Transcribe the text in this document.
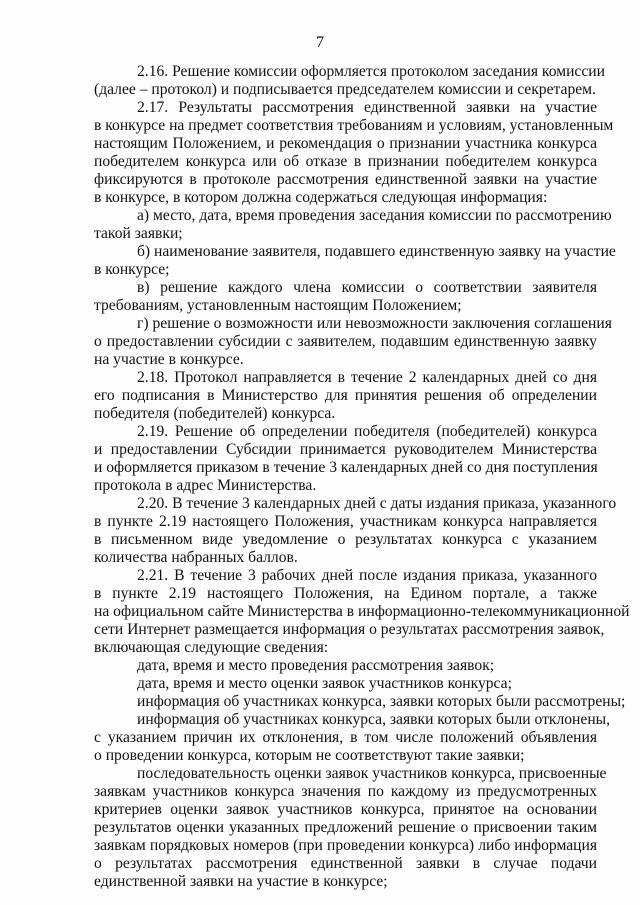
7
2.16. Решение комиссии оформляется протоколом заседания комиссии
(далее – протокол) и подписывается председателем комиссии и секретарем.
2.17. Результаты рассмотрения единственной заявки на участие
в конкурсе на предмет соответствия требованиям и условиям, установленным
настоящим Положением, и рекомендация о признании участника конкурса
победителем конкурса или об отказе в признании победителем конкурса
фиксируются в протоколе рассмотрения единственной заявки на участие
в конкурсе, в котором должна содержаться следующая информация:
а) место, дата, время проведения заседания комиссии по рассмотрению
такой заявки;
б) наименование заявителя, подавшего единственную заявку на участие
в конкурсе;
в) решение каждого члена комиссии о соответствии заявителя
требованиям, установленным настоящим Положением;
г) решение о возможности или невозможности заключения соглашения
о предоставлении субсидии с заявителем, подавшим единственную заявку
на участие в конкурсе.
2.18. Протокол направляется в течение 2 календарных дней со дня
его подписания в Министерство для принятия решения об определении
победителя (победителей) конкурса.
2.19. Решение об определении победителя (победителей) конкурса
и предоставлении Субсидии принимается руководителем Министерства
и оформляется приказом в течение 3 календарных дней со дня поступления
протокола в адрес Министерства.
2.20. В течение 3 календарных дней с даты издания приказа, указанного
в пункте 2.19 настоящего Положения, участникам конкурса направляется
в письменном виде уведомление о результатах конкурса с указанием
количества набранных баллов.
2.21. В течение 3 рабочих дней после издания приказа, указанного
в пункте 2.19 настоящего Положения, на Едином портале, а также
на официальном сайте Министерства в информационно-телекоммуникационной
сети Интернет размещается информация о результатах рассмотрения заявок,
включающая следующие сведения:
дата, время и место проведения рассмотрения заявок;
дата, время и место оценки заявок участников конкурса;
информация об участниках конкурса, заявки которых были рассмотрены;
информация об участниках конкурса, заявки которых были отклонены,
с указанием причин их отклонения, в том числе положений объявления
о проведении конкурса, которым не соответствуют такие заявки;
последовательность оценки заявок участников конкурса, присвоенные
заявкам участников конкурса значения по каждому из предусмотренных
критериев оценки заявок участников конкурса, принятое на основании
результатов оценки указанных предложений решение о присвоении таким
заявкам порядковых номеров (при проведении конкурса) либо информация
о результатах рассмотрения единственной заявки в случае подачи
единственной заявки на участие в конкурсе;
